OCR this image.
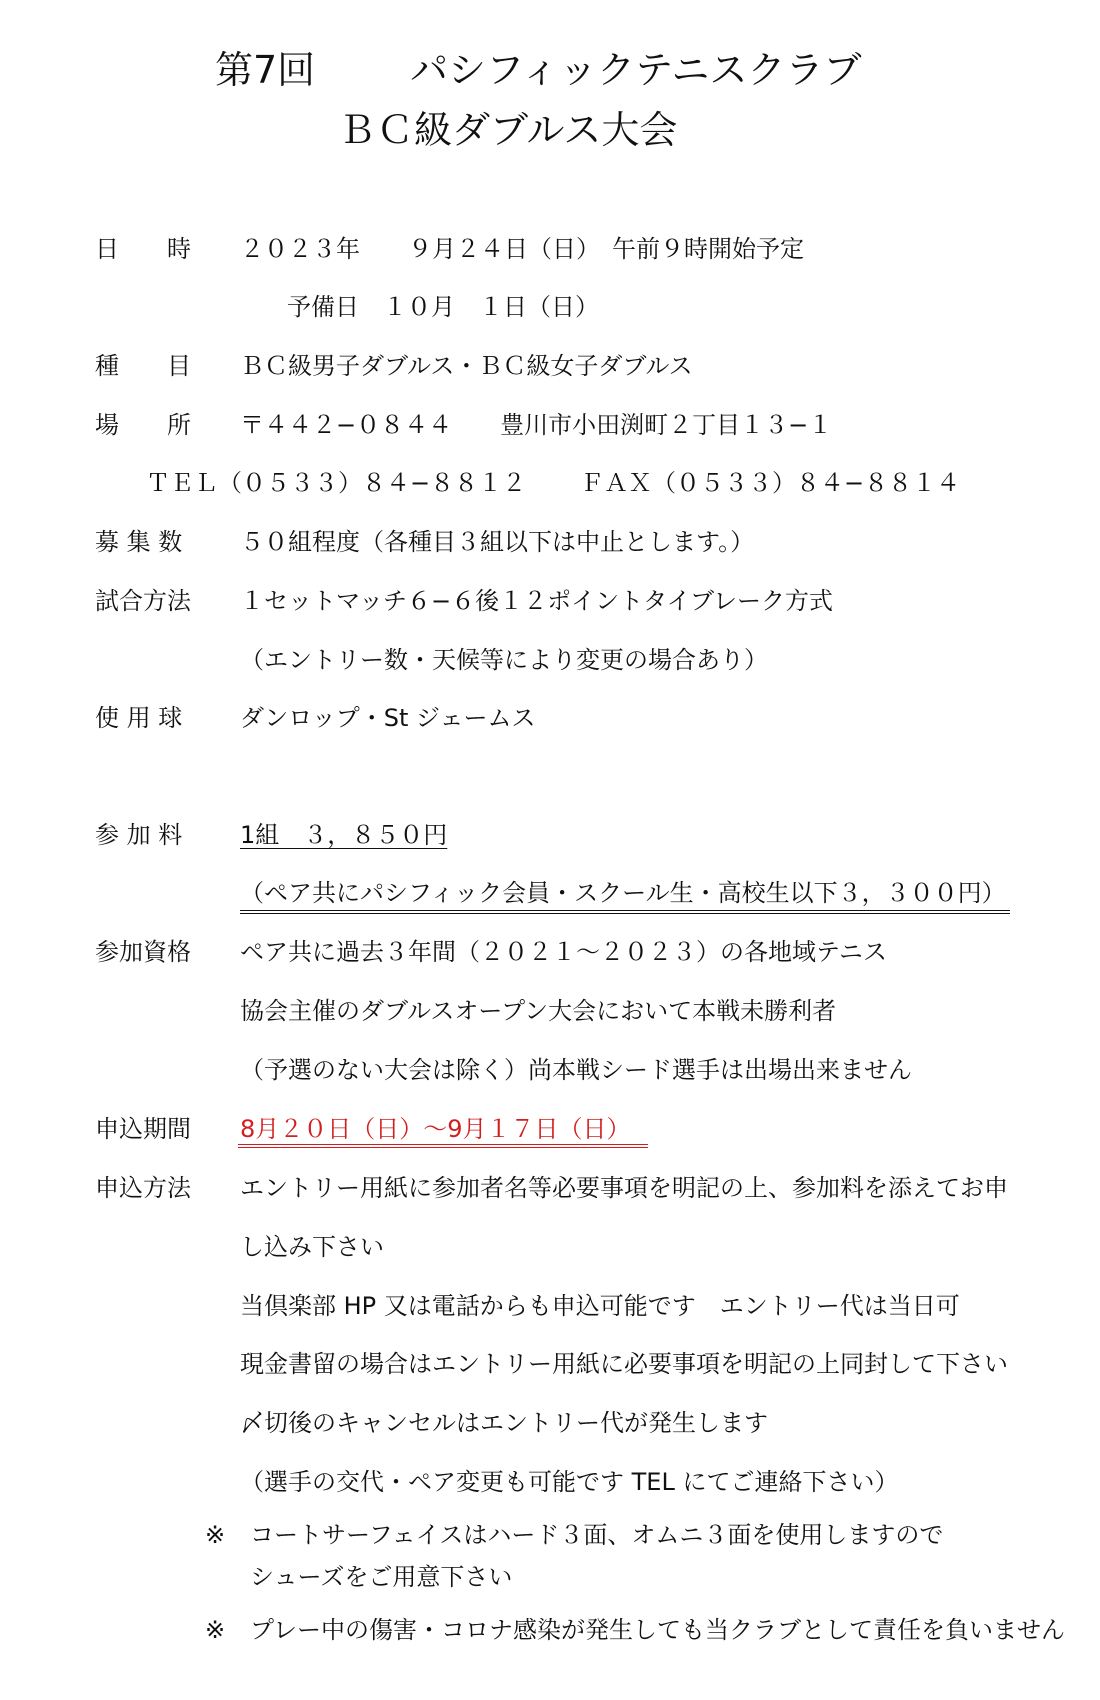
第7回 パシフィックテニスクラブ
ＢＣ級ダブルス大会
日　　時 ２０２３年　　９月２４日（日）　午前９時開始予定
予備日　１０月　１日（日）
種　　目 ＢＣ級男子ダブルス・ＢＣ級女子ダブルス
場　　所 〒４４２−０８４４　　豊川市小田渕町２丁目１３−１
ＴＥＬ（０５３３）８４−８８１２ ＦＡＸ（０５３３）８４−８８１４
募 集 数 ５０組程度（各種目３組以下は中止とします。）
試合方法 １セットマッチ６−６後１２ポイントタイブレーク方式
（エントリー数・天候等により変更の場合あり）
使 用 球 ダンロップ・St ジェームス
参 加 料 1組　３，８５０円
（ペア共にパシフィック会員・スクール生・高校生以下３，３００円）
参加資格 ペア共に過去３年間（２０２１〜２０２３）の各地域テニス
協会主催のダブルスオープン大会において本戦未勝利者
（予選のない大会は除く）尚本戦シード選手は出場出来ません
申込期間 8月２０日（日）〜9月１７日（日）
申込方法 エントリー用紙に参加者名等必要事項を明記の上、参加料を添えてお申
し込み下さい
当倶楽部 HP 又は電話からも申込可能です　エントリー代は当日可
現金書留の場合はエントリー用紙に必要事項を明記の上同封して下さい
〆切後のキャンセルはエントリー代が発生します
（選手の交代・ペア変更も可能です TEL にてご連絡下さい）
※ コートサーフェイスはハード３面、オムニ３面を使用しますので
シューズをご用意下さい
※ プレー中の傷害・コロナ感染が発生しても当クラブとして責任を負いません
